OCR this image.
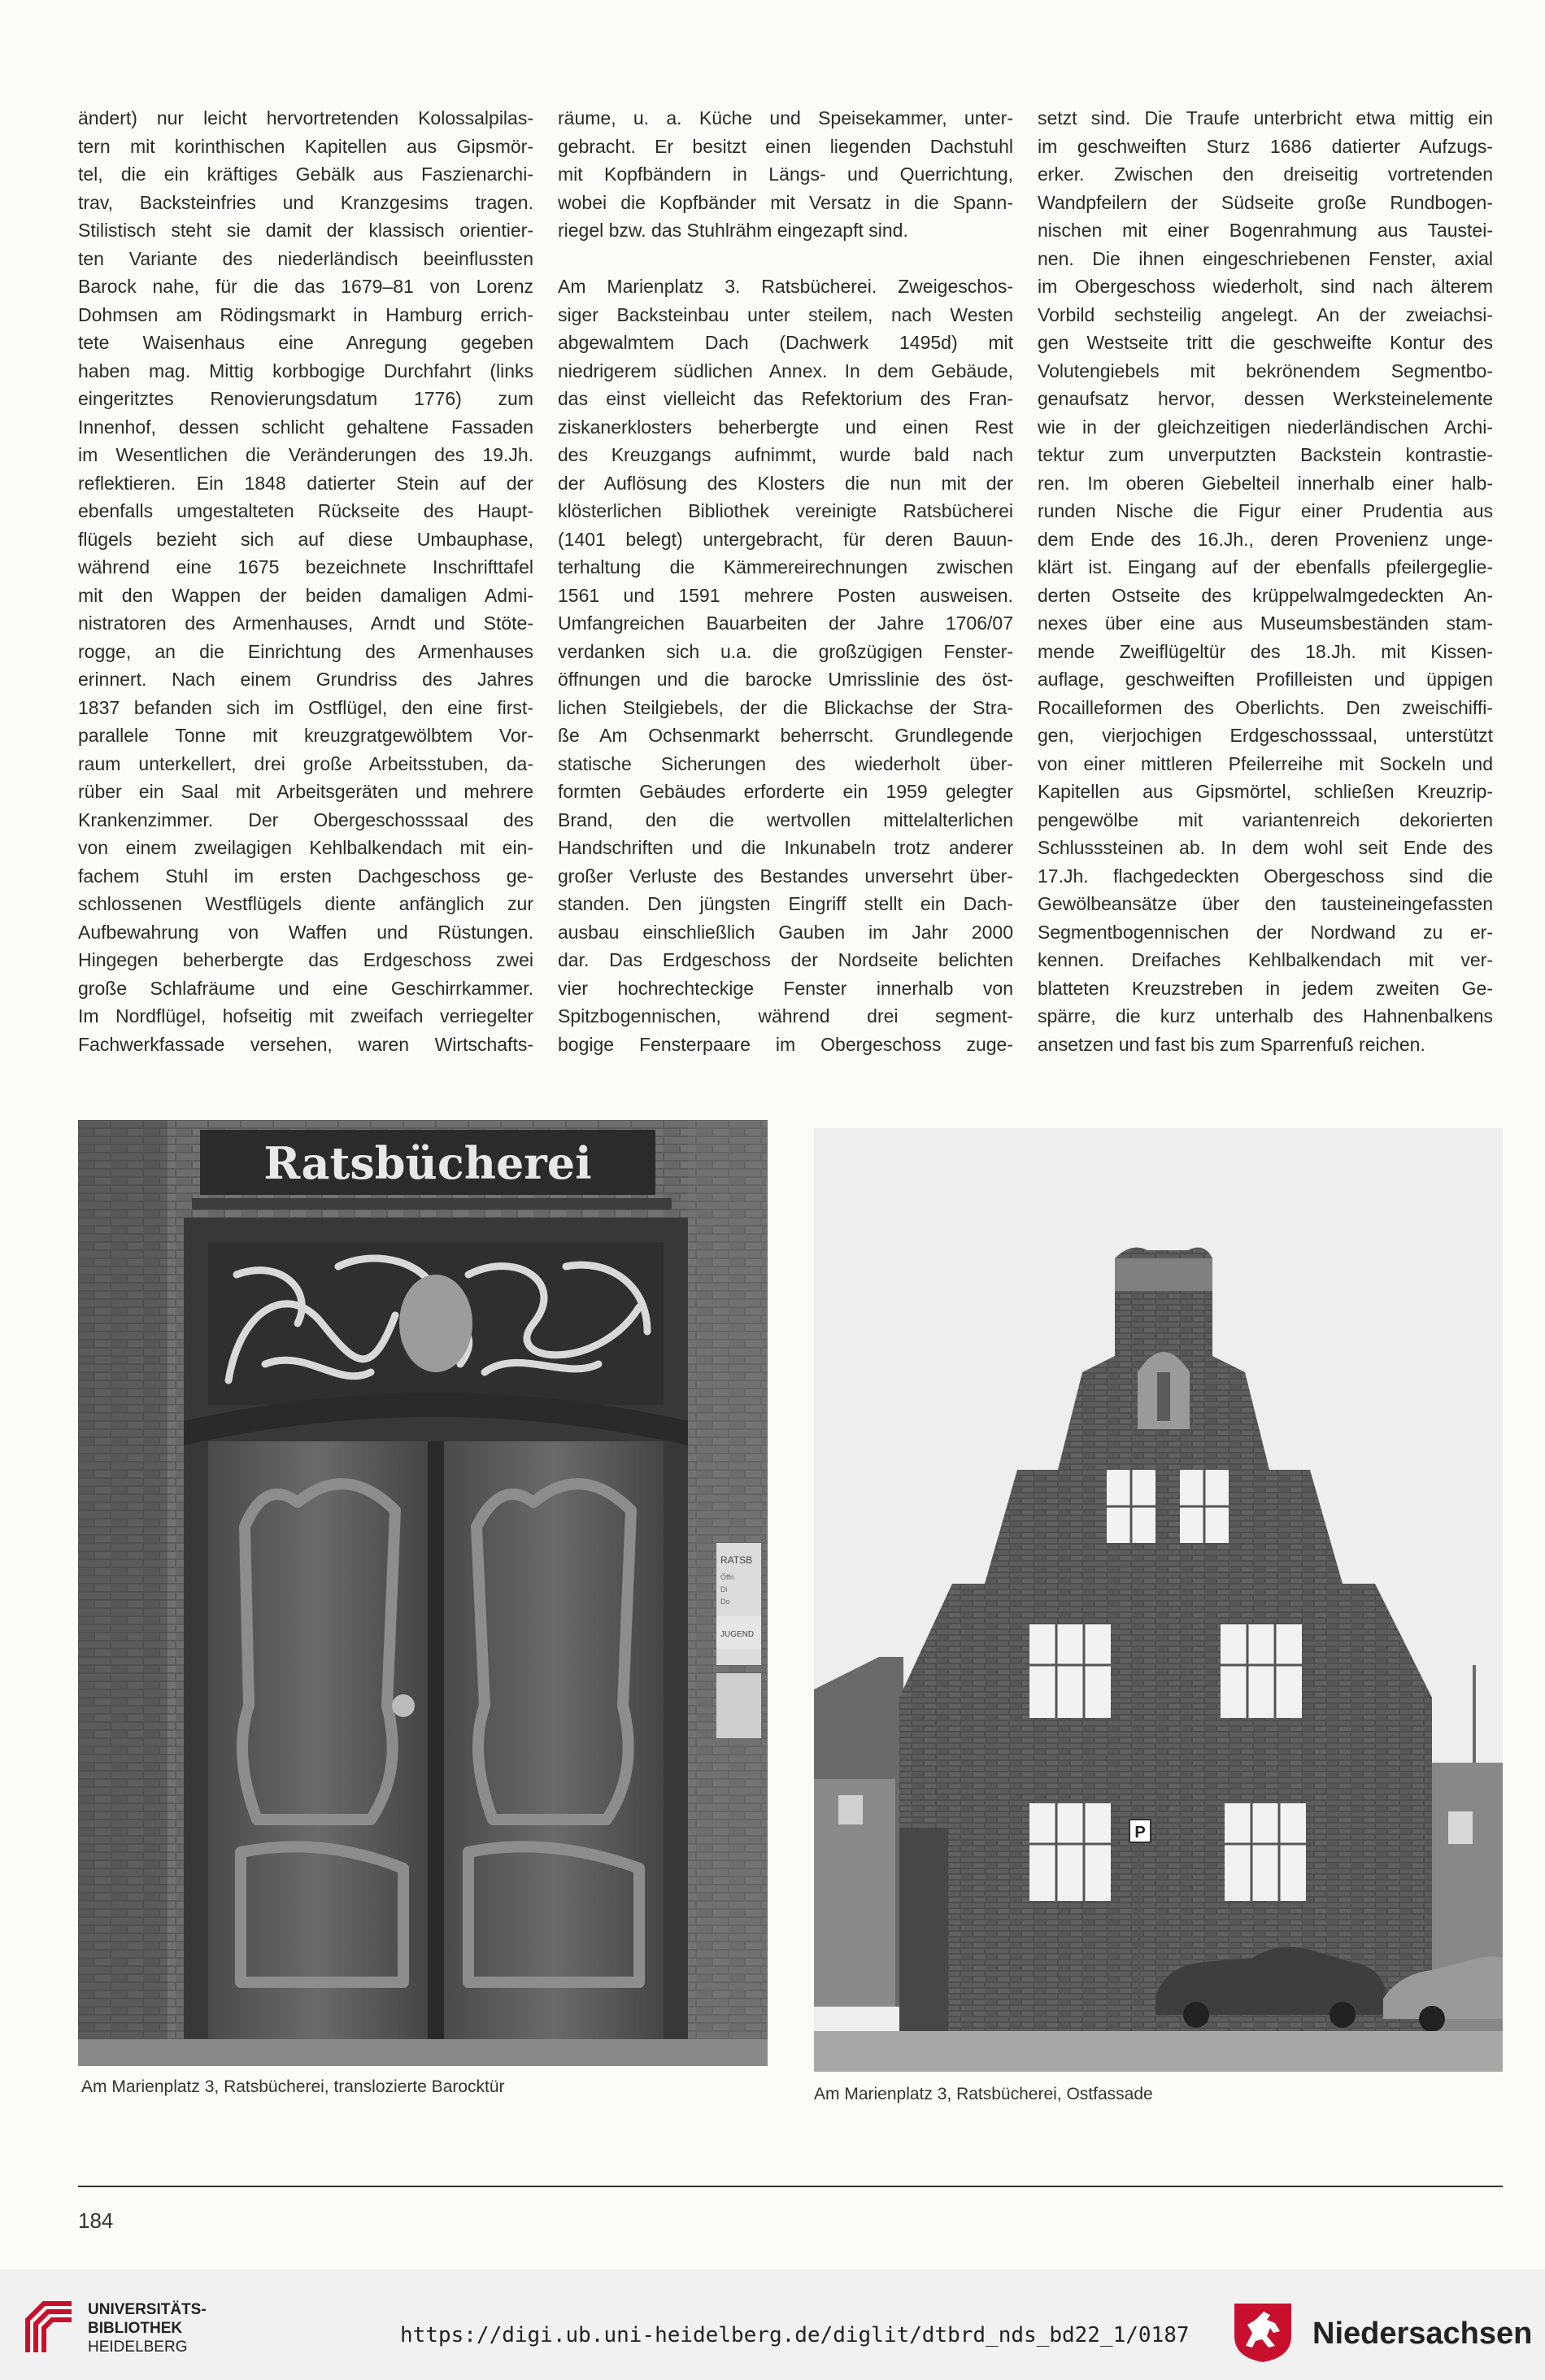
ändert) nur leicht hervortretenden Kolossalpilas-
tern mit korinthischen Kapitellen aus Gipsmör-
tel, die ein kräftiges Gebälk aus Faszienarchi-
trav, Backsteinfries und Kranzgesims tragen.
Stilistisch steht sie damit der klassisch orientier-
ten Variante des niederländisch beeinflussten
Barock nahe, für die das 1679–81 von Lorenz
Dohmsen am Rödingsmarkt in Hamburg errich-
tete Waisenhaus eine Anregung gegeben
haben mag. Mittig korbbogige Durchfahrt (links
eingeritztes Renovierungsdatum 1776) zum
Innenhof, dessen schlicht gehaltene Fassaden
im Wesentlichen die Veränderungen des 19.Jh.
reflektieren. Ein 1848 datierter Stein auf der
ebenfalls umgestalteten Rückseite des Haupt-
flügels bezieht sich auf diese Umbauphase,
während eine 1675 bezeichnete Inschrifttafel
mit den Wappen der beiden damaligen Admi-
nistratoren des Armenhauses, Arndt und Stöte-
rogge, an die Einrichtung des Armenhauses
erinnert. Nach einem Grundriss des Jahres
1837 befanden sich im Ostflügel, den eine first-
parallele Tonne mit kreuzgratgewölbtem Vor-
raum unterkellert, drei große Arbeitsstuben, da-
rüber ein Saal mit Arbeitsgeräten und mehrere
Krankenzimmer. Der Obergeschosssaal des
von einem zweilagigen Kehlbalkendach mit ein-
fachem Stuhl im ersten Dachgeschoss ge-
schlossenen Westflügels diente anfänglich zur
Aufbewahrung von Waffen und Rüstungen.
Hingegen beherbergte das Erdgeschoss zwei
große Schlafräume und eine Geschirrkammer.
Im Nordflügel, hofseitig mit zweifach verriegelter
Fachwerkfassade versehen, waren Wirtschafts-
räume, u. a. Küche und Speisekammer, unter-
gebracht. Er besitzt einen liegenden Dachstuhl
mit Kopfbändern in Längs- und Querrichtung,
wobei die Kopfbänder mit Versatz in die Spann-
riegel bzw. das Stuhlrähm eingezapft sind.
Am Marienplatz 3. Ratsbücherei. Zweigeschos-
siger Backsteinbau unter steilem, nach Westen
abgewalmtem Dach (Dachwerk 1495d) mit
niedrigerem südlichen Annex. In dem Gebäude,
das einst vielleicht das Refektorium des Fran-
ziskanerklosters beherbergte und einen Rest
des Kreuzgangs aufnimmt, wurde bald nach
der Auflösung des Klosters die nun mit der
klösterlichen Bibliothek vereinigte Ratsbücherei
(1401 belegt) untergebracht, für deren Bauun-
terhaltung die Kämmereirechnungen zwischen
1561 und 1591 mehrere Posten ausweisen.
Umfangreichen Bauarbeiten der Jahre 1706/07
verdanken sich u.a. die großzügigen Fenster-
öffnungen und die barocke Umrisslinie des öst-
lichen Steilgiebels, der die Blickachse der Stra-
ße Am Ochsenmarkt beherrscht. Grundlegende
statische Sicherungen des wiederholt über-
formten Gebäudes erforderte ein 1959 gelegter
Brand, den die wertvollen mittelalterlichen
Handschriften und die Inkunabeln trotz anderer
großer Verluste des Bestandes unversehrt über-
standen. Den jüngsten Eingriff stellt ein Dach-
ausbau einschließlich Gauben im Jahr 2000
dar. Das Erdgeschoss der Nordseite belichten
vier hochrechteckige Fenster innerhalb von
Spitzbogennischen, während drei segment-
bogige Fensterpaare im Obergeschoss zuge-
setzt sind. Die Traufe unterbricht etwa mittig ein
im geschweiften Sturz 1686 datierter Aufzugs-
erker. Zwischen den dreiseitig vortretenden
Wandpfeilern der Südseite große Rundbogen-
nischen mit einer Bogenrahmung aus Tausteі-
nen. Die ihnen eingeschriebenen Fenster, axial
im Obergeschoss wiederholt, sind nach älterem
Vorbild sechsteilig angelegt. An der zweiachsi-
gen Westseite tritt die geschweifte Kontur des
Volutengiebels mit bekrönendem Segmentbo-
genaufsatz hervor, dessen Werksteinelemente
wie in der gleichzeitigen niederländischen Archi-
tektur zum unverputzten Backstein kontrastie-
ren. Im oberen Giebelteil innerhalb einer halb-
runden Nische die Figur einer Prudentia aus
dem Ende des 16.Jh., deren Provenienz unge-
klärt ist. Eingang auf der ebenfalls pfeilergeglie-
derten Ostseite des krüppelwalmgedeckten An-
nexes über eine aus Museumsbeständen stam-
mende Zweiflügeltür des 18.Jh. mit Kissen-
auflage, geschweiften Profilleisten und üppigen
Rocailleformen des Oberlichts. Den zweischiffi-
gen, vierjochigen Erdgeschosssaal, unterstützt
von einer mittleren Pfeilerreihe mit Sockeln und
Kapitellen aus Gipsmörtel, schließen Kreuzrip-
pengewölbe mit variantenreich dekorierten
Schlusssteinen ab. In dem wohl seit Ende des
17.Jh. flachgedeckten Obergeschoss sind die
Gewölbeansätze über den tausteineingefassten
Segmentbogennischen der Nordwand zu er-
kennen. Dreifaches Kehlbalkendach mit ver-
blatteten Kreuzstreben in jedem zweiten Ge-
spärre, die kurz unterhalb des Hahnenbalkens
ansetzen und fast bis zum Sparrenfuß reichen.
Ratsbücherei
RATSB
Öffn
Di
Do
JUGEND
Am Marienplatz 3, Ratsbücherei, translozierte Barocktür
P
Am Marienplatz 3, Ratsbücherei, Ostfassade
184
UNIVERSITÄTS-
BIBLIOTHEK
HEIDELBERG	https://digi.ub.uni-heidelberg.de/diglit/dtbrd_nds_bd22_1/0187	Niedersachsen
